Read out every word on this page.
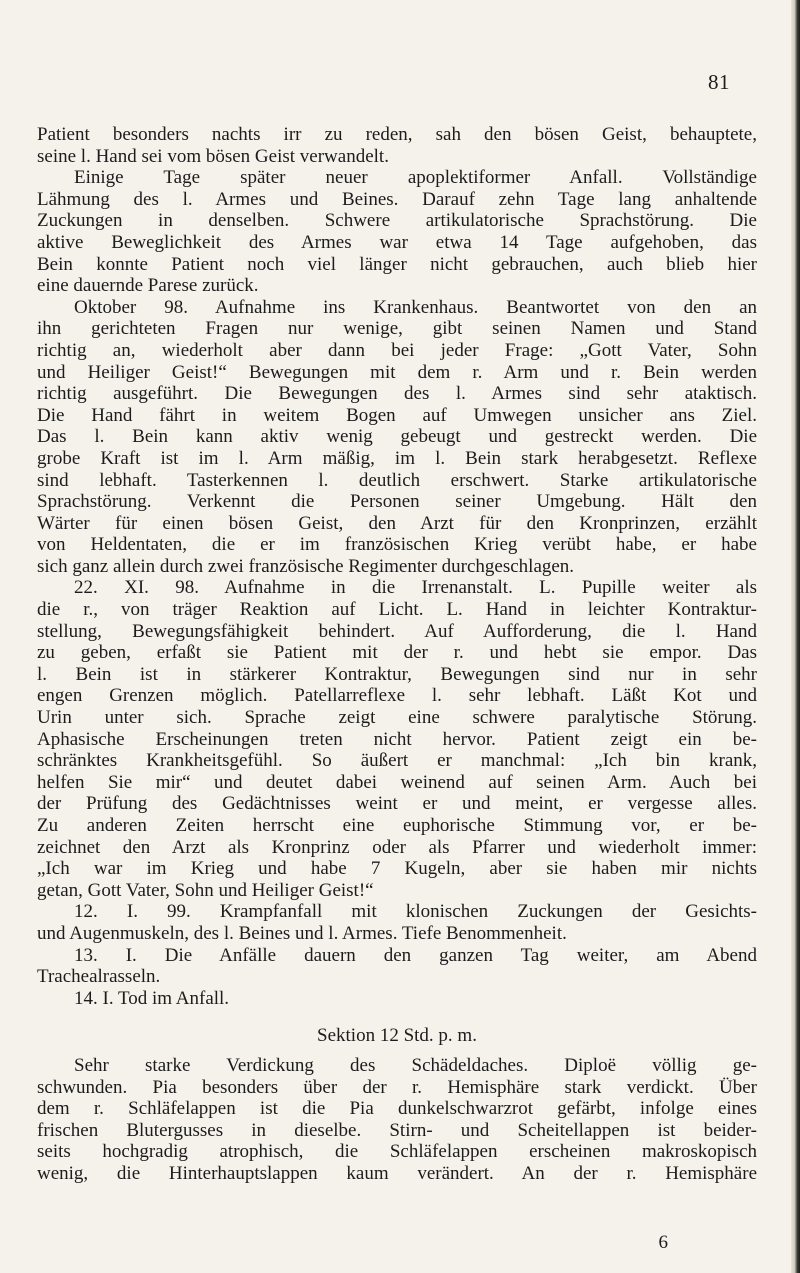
81
Patient besonders nachts irr zu reden, sah den bösen Geist, behauptete,
seine l. Hand sei vom bösen Geist verwandelt.
Einige Tage später neuer apoplektiformer Anfall. Vollständige
Lähmung des l. Armes und Beines. Darauf zehn Tage lang anhaltende
Zuckungen in denselben. Schwere artikulatorische Sprachstörung. Die
aktive Beweglichkeit des Armes war etwa 14 Tage aufgehoben, das
Bein konnte Patient noch viel länger nicht gebrauchen, auch blieb hier
eine dauernde Parese zurück.
Oktober 98. Aufnahme ins Krankenhaus. Beantwortet von den an
ihn gerichteten Fragen nur wenige, gibt seinen Namen und Stand
richtig an, wiederholt aber dann bei jeder Frage: „Gott Vater, Sohn
und Heiliger Geist!“ Bewegungen mit dem r. Arm und r. Bein werden
richtig ausgeführt. Die Bewegungen des l. Armes sind sehr ataktisch.
Die Hand fährt in weitem Bogen auf Umwegen unsicher ans Ziel.
Das l. Bein kann aktiv wenig gebeugt und gestreckt werden. Die
grobe Kraft ist im l. Arm mäßig, im l. Bein stark herabgesetzt. Reflexe
sind lebhaft. Tasterkennen l. deutlich erschwert. Starke artikulatorische
Sprachstörung. Verkennt die Personen seiner Umgebung. Hält den
Wärter für einen bösen Geist, den Arzt für den Kronprinzen, erzählt
von Heldentaten, die er im französischen Krieg verübt habe, er habe
sich ganz allein durch zwei französische Regimenter durchgeschlagen.
22. XI. 98. Aufnahme in die Irrenanstalt. L. Pupille weiter als
die r., von träger Reaktion auf Licht. L. Hand in leichter Kontraktur-
stellung, Bewegungsfähigkeit behindert. Auf Aufforderung, die l. Hand
zu geben, erfaßt sie Patient mit der r. und hebt sie empor. Das
l. Bein ist in stärkerer Kontraktur, Bewegungen sind nur in sehr
engen Grenzen möglich. Patellarreflexe l. sehr lebhaft. Läßt Kot und
Urin unter sich. Sprache zeigt eine schwere paralytische Störung.
Aphasische Erscheinungen treten nicht hervor. Patient zeigt ein be-
schränktes Krankheitsgefühl. So äußert er manchmal: „Ich bin krank,
helfen Sie mir“ und deutet dabei weinend auf seinen Arm. Auch bei
der Prüfung des Gedächtnisses weint er und meint, er vergesse alles.
Zu anderen Zeiten herrscht eine euphorische Stimmung vor, er be-
zeichnet den Arzt als Kronprinz oder als Pfarrer und wiederholt immer:
„Ich war im Krieg und habe 7 Kugeln, aber sie haben mir nichts
getan, Gott Vater, Sohn und Heiliger Geist!“
12. I. 99. Krampfanfall mit klonischen Zuckungen der Gesichts-
und Augenmuskeln, des l. Beines und l. Armes. Tiefe Benommenheit.
13. I. Die Anfälle dauern den ganzen Tag weiter, am Abend
Trachealrasseln.
14. I. Tod im Anfall.
Sektion 12 Std. p. m.
Sehr starke Verdickung des Schädeldaches. Diploë völlig ge-
schwunden. Pia besonders über der r. Hemisphäre stark verdickt. Über
dem r. Schläfelappen ist die Pia dunkelschwarzrot gefärbt, infolge eines
frischen Blutergusses in dieselbe. Stirn- und Scheitellappen ist beider-
seits hochgradig atrophisch, die Schläfelappen erscheinen makroskopisch
wenig, die Hinterhauptslappen kaum verändert. An der r. Hemisphäre
6
